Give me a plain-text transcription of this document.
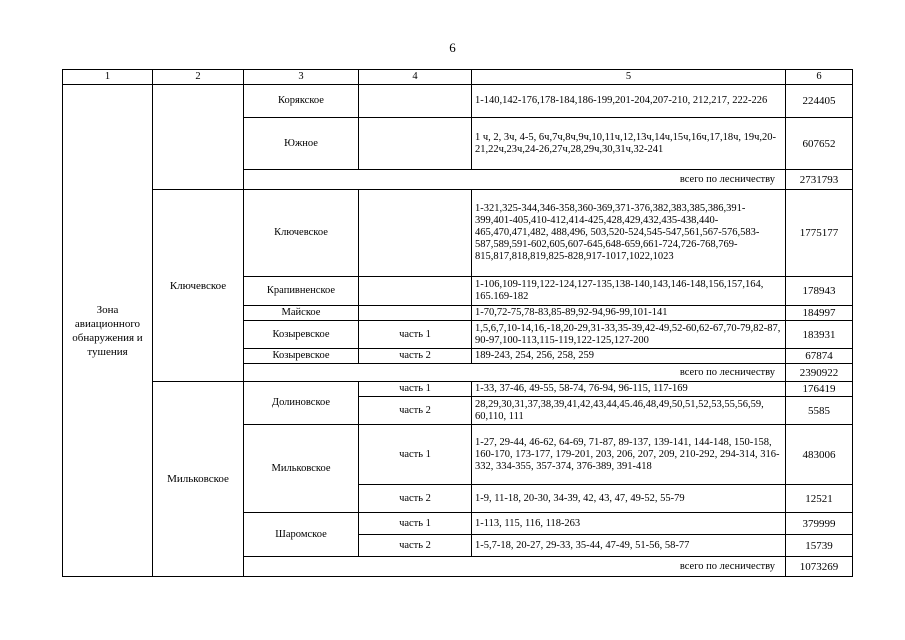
6
1	2	3	4	5	6
Зона авиационного обнаружения и тушения		Корякское		1-140,142-176,178-184,186-199,201-204,207-210, 212,217, 222-226	224405
		Южное		1 ч, 2, 3ч, 4-5, 6ч,7ч,8ч,9ч,10,11ч,12,13ч,14ч,15ч,16ч,17,18ч, 19ч,20-21,22ч,23ч,24-26,27ч,28,29ч,30,31ч,32-241	607652
		всего по лесничеству			2731793
	Ключевское	Ключевское		1-321,325-344,346-358,360-369,371-376,382,383,385,386,391-399,401-405,410-412,414-425,428,429,432,435-438,440-465,470,471,482, 488,496, 503,520-524,545-547,561,567-576,583-587,589,591-602,605,607-645,648-659,661-724,726-768,769-815,817,818,819,825-828,917-1017,1022,1023	1775177
		Крапивненское		1-106,109-119,122-124,127-135,138-140,143,146-148,156,157,164, 165.169-182	178943
		Майское		1-70,72-75,78-83,85-89,92-94,96-99,101-141	184997
		Козыревское	часть 1	1,5,6,7,10-14,16,-18,20-29,31-33,35-39,42-49,52-60,62-67,70-79,82-87, 90-97,100-113,115-119,122-125,127-200	183931
		Козыревское	часть 2	189-243, 254, 256, 258, 259	67874
		всего по лесничеству			2390922
	Мильковское	Долиновское	часть 1	1-33, 37-46, 49-55, 58-74, 76-94, 96-115, 117-169	176419
			часть 2	28,29,30,31,37,38,39,41,42,43,44,45.46,48,49,50,51,52,53,55,56,59, 60,110, 111	5585
		Мильковское	часть 1	1-27, 29-44, 46-62, 64-69, 71-87, 89-137, 139-141, 144-148, 150-158, 160-170, 173-177, 179-201, 203, 206, 207, 209, 210-292, 294-314, 316-332, 334-355, 357-374, 376-389, 391-418	483006
			часть 2	1-9, 11-18, 20-30, 34-39, 42, 43, 47, 49-52, 55-79	12521
		Шаромское	часть 1	1-113, 115, 116, 118-263	379999
			часть 2	1-5,7-18, 20-27, 29-33, 35-44, 47-49, 51-56, 58-77	15739
		всего по лесничеству			1073269
